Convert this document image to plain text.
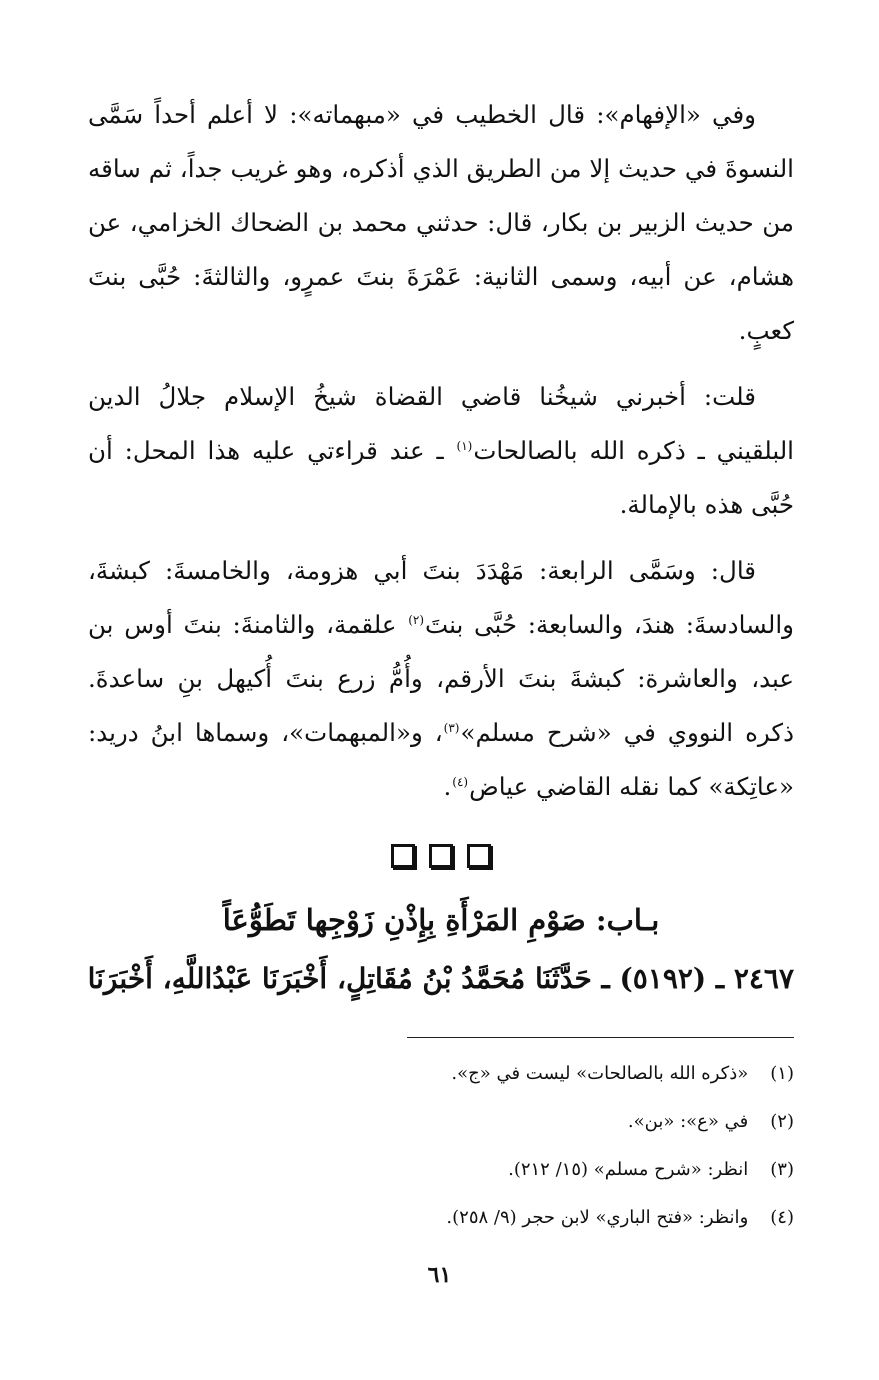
وفي «الإفهام»: قال الخطيب في «مبهماته»: لا أعلم أحداً سَمَّى النسوةَ في حديث إلا من الطريق الذي أذكره، وهو غريب جداً، ثم ساقه من حديث الزبير بن بكار، قال: حدثني محمد بن الضحاك الخزامي، عن هشام، عن أبيه، وسمى الثانية: عَمْرَةَ بنتَ عمرٍو، والثالثةَ: حُبَّى بنتَ كعبٍ.

قلت: أخبرني شيخُنا قاضي القضاة شيخُ الإسلام جلالُ الدين البلقيني ـ ذكره الله بالصالحات$^{(١)}$ ـ عند قراءتي عليه هذا المحل: أن حُبَّى هذه بالإمالة.

قال: وسَمَّى الرابعة: مَهْدَدَ بنتَ أبي هزومة، والخامسةَ: كبشةَ، والسادسةَ: هندَ، والسابعة: حُبَّى بنتَ$^{(٢)}$ علقمة، والثامنةَ: بنتَ أوس بن عبد، والعاشرة: كبشةَ بنتَ الأرقم، وأُمُّ زرع بنتَ أُكيهل بنِ ساعدةَ. ذكره النووي في «شرح مسلم»$^{(٣)}$، و«المبهمات»، وسماها ابنُ دريد: «عاتِكة» كما نقله القاضي عياض$^{(٤)}$.

بـاب: صَوْمِ المَرْأَةِ بِإِذْنِ زَوْجِها تَطَوُّعَاً

٢٤٦٧ ـ (٥١٩٢) ـ حَدَّثَنَا مُحَمَّدُ بْنُ مُقَاتِلٍ، أَخْبَرَنَا عَبْدُاللَّهِ، أَخْبَرَنَا

(١) «ذكره الله بالصالحات» ليست في «ج».
(٢) في «ع»: «بن».
(٣) انظر: «شرح مسلم» (١٥/ ٢١٢).
(٤) وانظر: «فتح الباري» لابن حجر (٩/ ٢٥٨).
٦١
